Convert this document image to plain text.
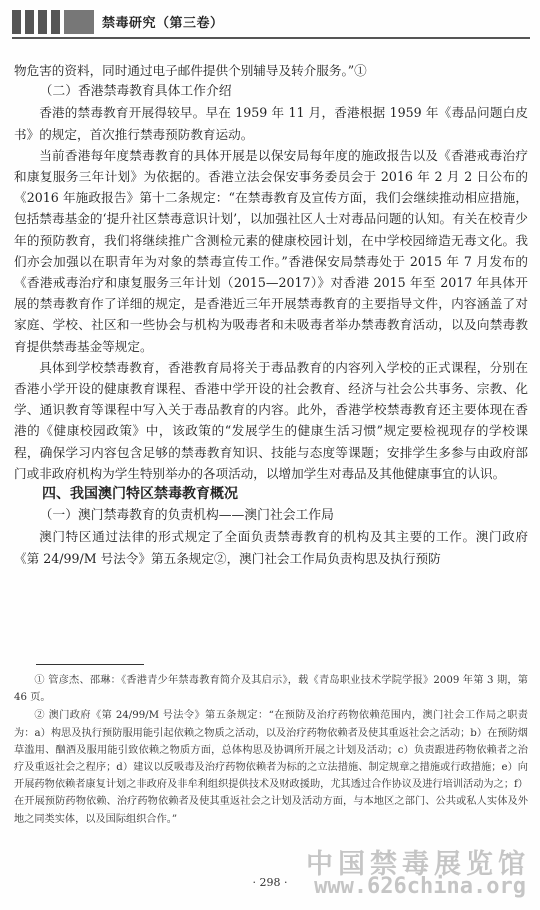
禁毒研究（第三卷）

物危害的资料，同时通过电子邮件提供个别辅导及转介服务。”①

（二）香港禁毒教育具体工作介绍

香港的禁毒教育开展得较早。早在 1959 年 11 月，香港根据 1959 年《毒品问题白皮书》的规定，首次推行禁毒预防教育运动。

当前香港每年度禁毒教育的具体开展是以保安局每年度的施政报告以及《香港戒毒治疗和康复服务三年计划》为依据的。香港立法会保安事务委员会于 2016 年 2 月 2 日公布的《2016 年施政报告》第十二条规定：“在禁毒教育及宣传方面，我们会继续推动相应措施，包括禁毒基金的‘提升社区禁毒意识计划’，以加强社区人士对毒品问题的认知。有关在校青少年的预防教育，我们将继续推广含测检元素的健康校园计划，在中学校园缔造无毒文化。我们亦会加强以在职青年为对象的禁毒宣传工作。”香港保安局禁毒处于 2015 年 7 月发布的《香港戒毒治疗和康复服务三年计划（2015—2017）》对香港 2015 年至 2017 年具体开展的禁毒教育作了详细的规定，是香港近三年开展禁毒教育的主要指导文件，内容涵盖了对家庭、学校、社区和一些协会与机构为吸毒者和未吸毒者举办禁毒教育活动，以及向禁毒教育提供禁毒基金等规定。

具体到学校禁毒教育，香港教育局将关于毒品教育的内容列入学校的正式课程，分别在香港小学开设的健康教育课程、香港中学开设的社会教育、经济与社会公共事务、宗教、化学、通识教育等课程中写入关于毒品教育的内容。此外，香港学校禁毒教育还主要体现在香港的《健康校园政策》中，该政策的“发展学生的健康生活习惯”规定要检视现存的学校课程，确保学习内容包含足够的禁毒教育知识、技能与态度等课题；安排学生多参与由政府部门或非政府机构为学生特别举办的各项活动，以增加学生对毒品及其他健康事宜的认识。

四、我国澳门特区禁毒教育概况

（一）澳门禁毒教育的负责机构——澳门社会工作局

澳门特区通过法律的形式规定了全面负责禁毒教育的机构及其主要的工作。澳门政府《第 24/99/M 号法令》第五条规定②，澳门社会工作局负责构思及执行预防

① 管彦杰、邵琳：《香港青少年禁毒教育简介及其启示》，载《青岛职业技术学院学报》2009 年第 3 期，第 46 页。

② 澳门政府《第 24/99/M 号法令》第五条规定：“在预防及治疗药物依赖范围内，澳门社会工作局之职责为：a）构思及执行预防服用能引起依赖之物质之活动，以及治疗药物依赖者及使其重返社会之活动；b）在预防烟草滥用、酗酒及服用能引致依赖之物质方面，总体构思及协调所开展之计划及活动；c）负责跟进药物依赖者之治疗及重返社会之程序；d）建议以反吸毒及治疗药物依赖者为标的之立法措施、制定规章之措施或行政措施；e）向开展药物依赖者康复计划之非政府及非牟利组织提供技术及财政援助，尤其透过合作协议及进行培训活动为之；f）在开展预防药物依赖、治疗药物依赖者及使其重返社会之计划及活动方面，与本地区之部门、公共或私人实体及外地之同类实体，以及国际组织合作。”

· 298 ·
中国禁毒展览馆
www.626china.org
